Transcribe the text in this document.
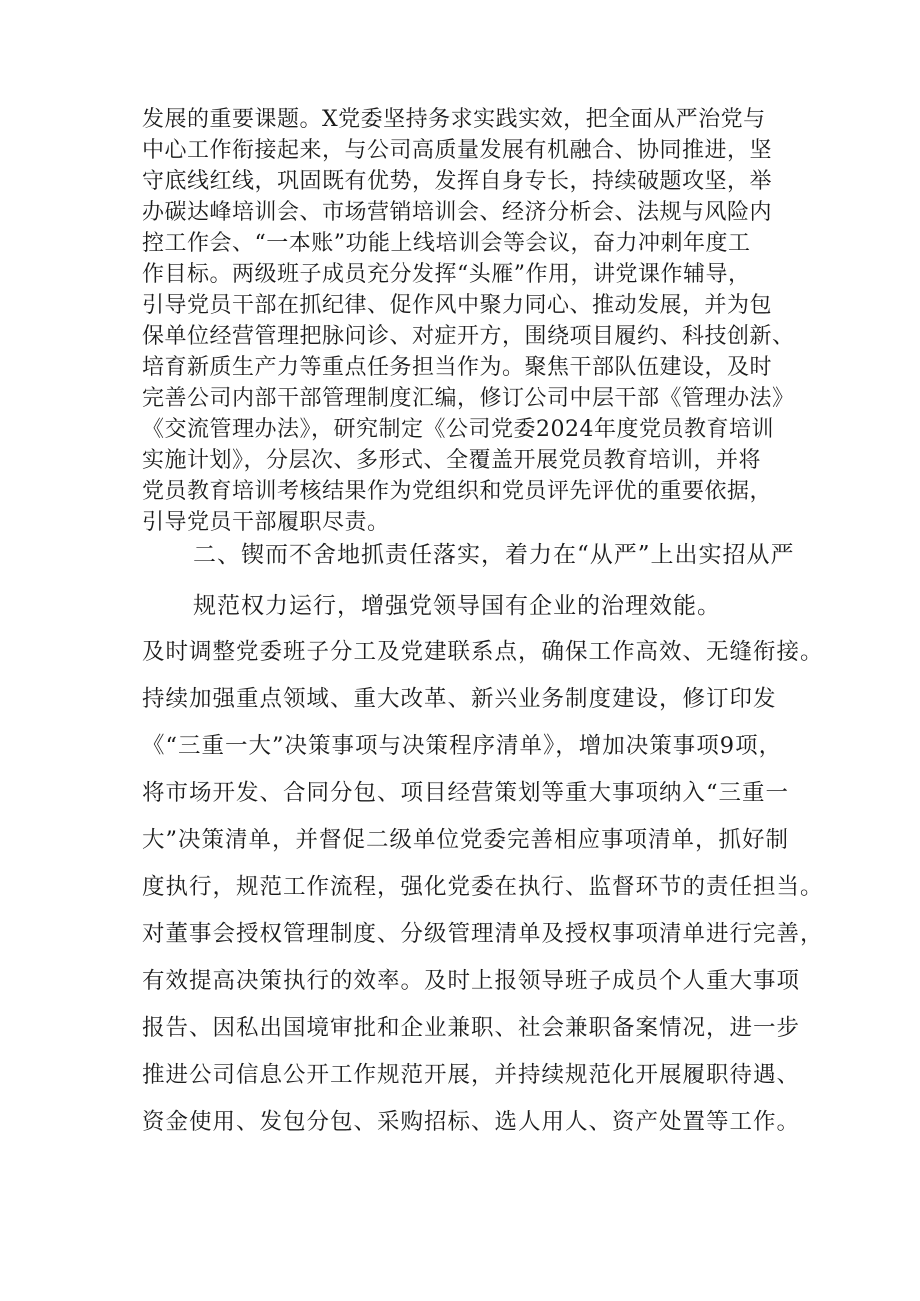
发展的重要课题。X党委坚持务求实践实效，把全面从严治党与
中心工作衔接起来，与公司高质量发展有机融合、协同推进，坚
守底线红线，巩固既有优势，发挥自身专长，持续破题攻坚，举
办碳达峰培训会、市场营销培训会、经济分析会、法规与风险内
控工作会、“一本账”功能上线培训会等会议，奋力冲刺年度工
作目标。两级班子成员充分发挥“头雁”作用，讲党课作辅导，
引导党员干部在抓纪律、促作风中聚力同心、推动发展，并为包
保单位经营管理把脉问诊、对症开方，围绕项目履约、科技创新、
培育新质生产力等重点任务担当作为。聚焦干部队伍建设，及时
完善公司内部干部管理制度汇编，修订公司中层干部《管理办法》
《交流管理办法》，研究制定《公司党委2024年度党员教育培训
实施计划》，分层次、多形式、全覆盖开展党员教育培训，并将
党员教育培训考核结果作为党组织和党员评先评优的重要依据，
引导党员干部履职尽责。
二、锲而不舍地抓责任落实，着力在“从严”上出实招从严
规范权力运行，增强党领导国有企业的治理效能。
及时调整党委班子分工及党建联系点，确保工作高效、无缝衔接。
持续加强重点领域、重大改革、新兴业务制度建设，修订印发
《“三重一大”决策事项与决策程序清单》，增加决策事项9项，
将市场开发、合同分包、项目经营策划等重大事项纳入“三重一
大”决策清单，并督促二级单位党委完善相应事项清单，抓好制
度执行，规范工作流程，强化党委在执行、监督环节的责任担当。
对董事会授权管理制度、分级管理清单及授权事项清单进行完善，
有效提高决策执行的效率。及时上报领导班子成员个人重大事项
报告、因私出国境审批和企业兼职、社会兼职备案情况，进一步
推进公司信息公开工作规范开展，并持续规范化开展履职待遇、
资金使用、发包分包、采购招标、选人用人、资产处置等工作。
